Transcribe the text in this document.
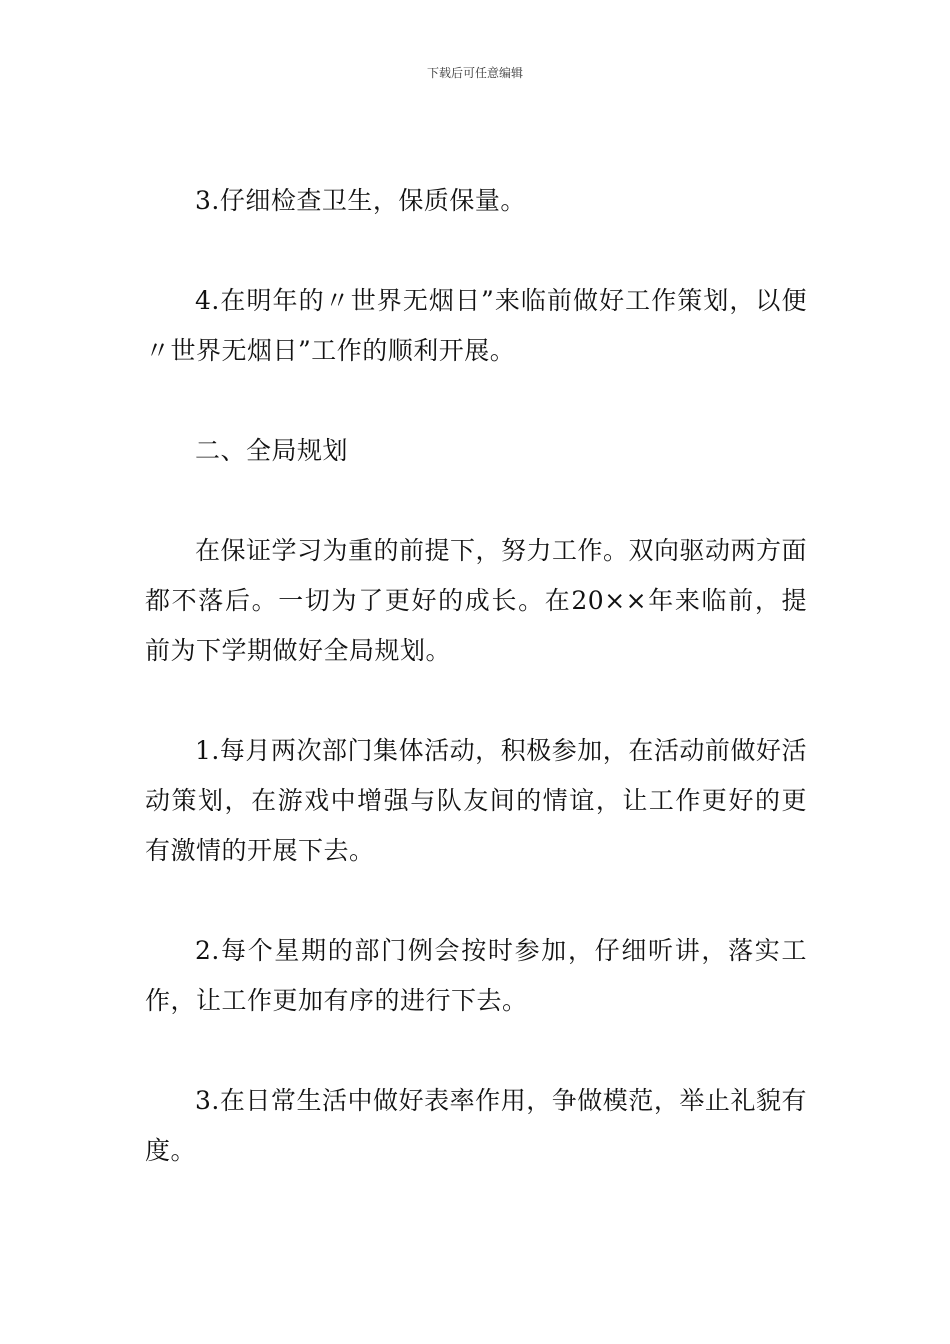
下载后可任意编辑

3.仔细检查卫生，保质保量。

4.在明年的〃世界无烟日”来临前做好工作策划，以便〃世界无烟日”工作的顺利开展。

二、全局规划

在保证学习为重的前提下，努力工作。双向驱动两方面都不落后。一切为了更好的成长。在20××年来临前，提前为下学期做好全局规划。

1.每月两次部门集体活动，积极参加，在活动前做好活动策划，在游戏中增强与队友间的情谊，让工作更好的更有激情的开展下去。

2.每个星期的部门例会按时参加，仔细听讲，落实工作，让工作更加有序的进行下去。

3.在日常生活中做好表率作用，争做模范，举止礼貌有度。
